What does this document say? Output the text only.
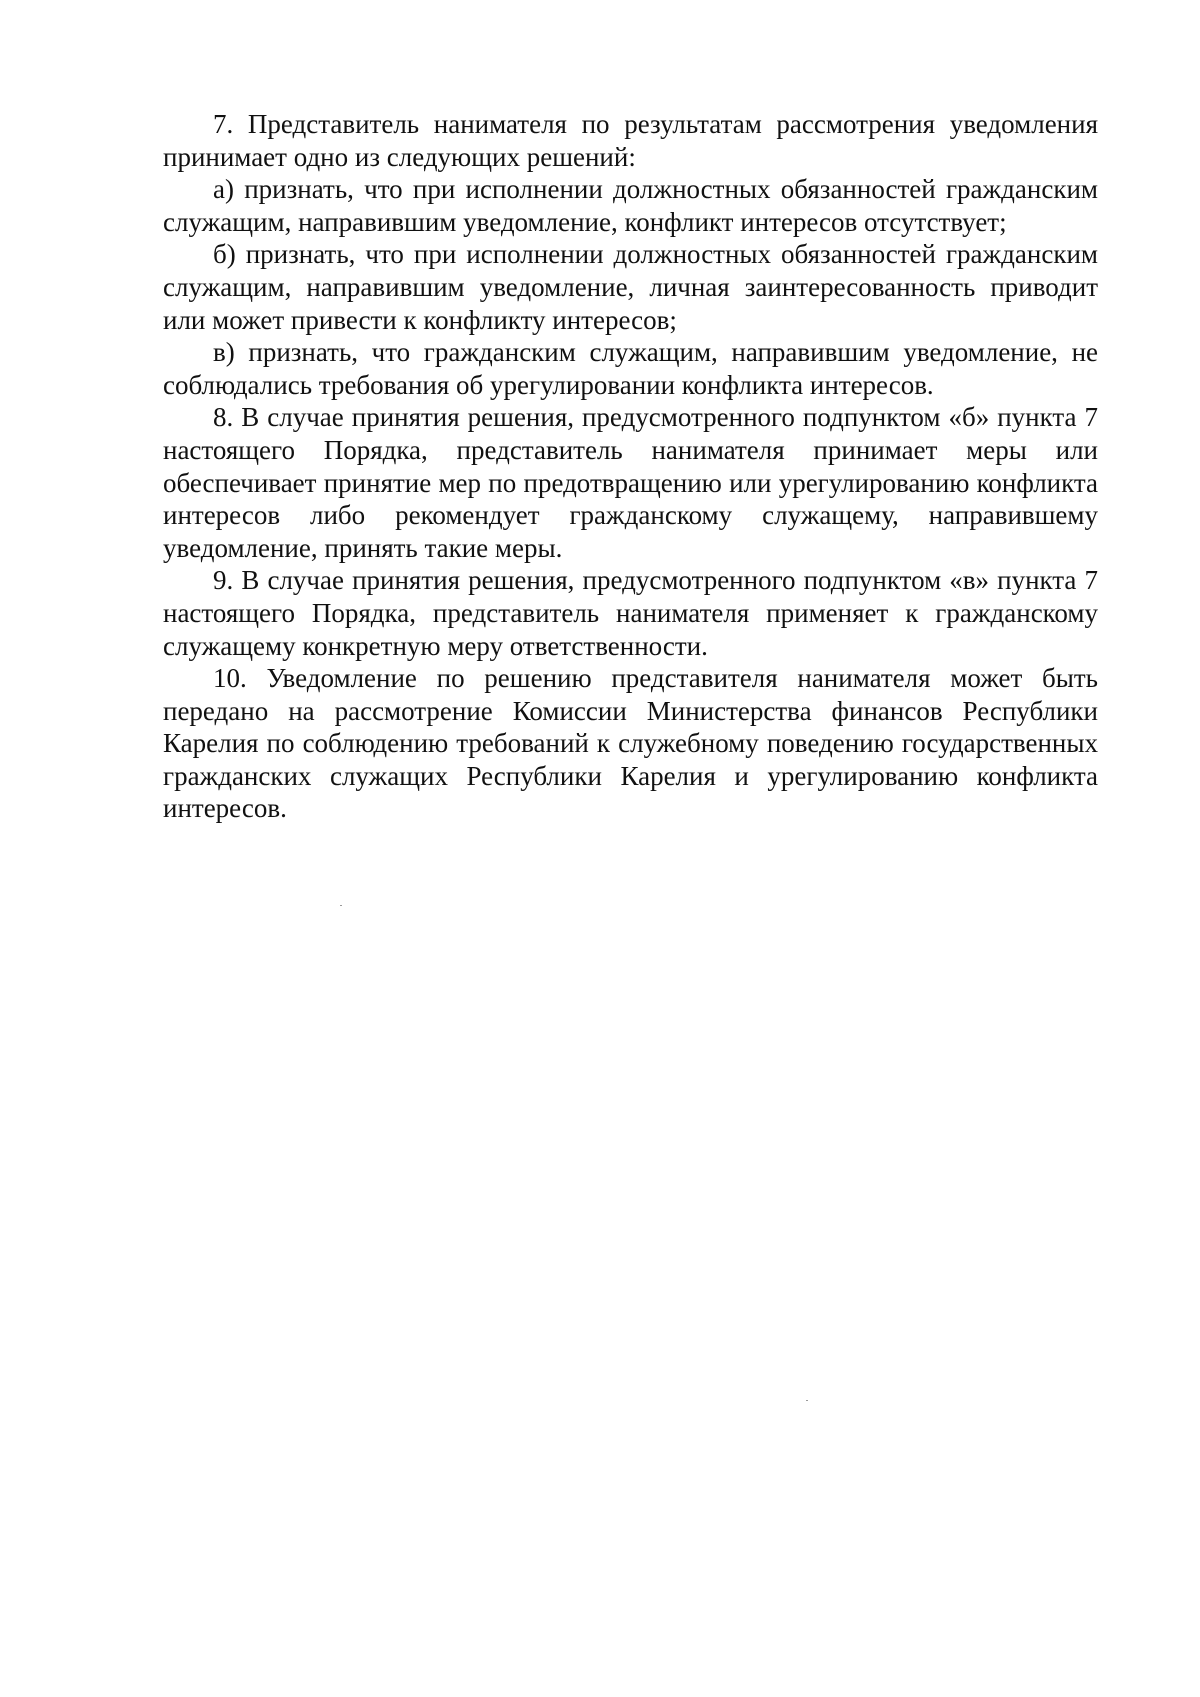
7. Представитель нанимателя по результатам рассмотрения уведомления принимает одно из следующих решений:

а) признать, что при исполнении должностных обязанностей гражданским служащим, направившим уведомление, конфликт интересов отсутствует;

б) признать, что при исполнении должностных обязанностей гражданским служащим, направившим уведомление, личная заинтересованность приводит или может привести к конфликту интересов;

в) признать, что гражданским служащим, направившим уведомление, не соблюдались требования об урегулировании конфликта интересов.

8. В случае принятия решения, предусмотренного подпунктом «б» пункта 7 настоящего Порядка, представитель нанимателя принимает меры или обеспечивает принятие мер по предотвращению или урегулированию конфликта интересов либо рекомендует гражданскому служащему, направившему уведомление, принять такие меры.

9. В случае принятия решения, предусмотренного подпунктом «в» пункта 7 настоящего Порядка, представитель нанимателя применяет к гражданскому служащему конкретную меру ответственности.

10. Уведомление по решению представителя нанимателя может быть передано на рассмотрение Комиссии Министерства финансов Республики Карелия по соблюдению требований к служебному поведению государственных гражданских служащих Республики Карелия и урегулированию конфликта интересов.
